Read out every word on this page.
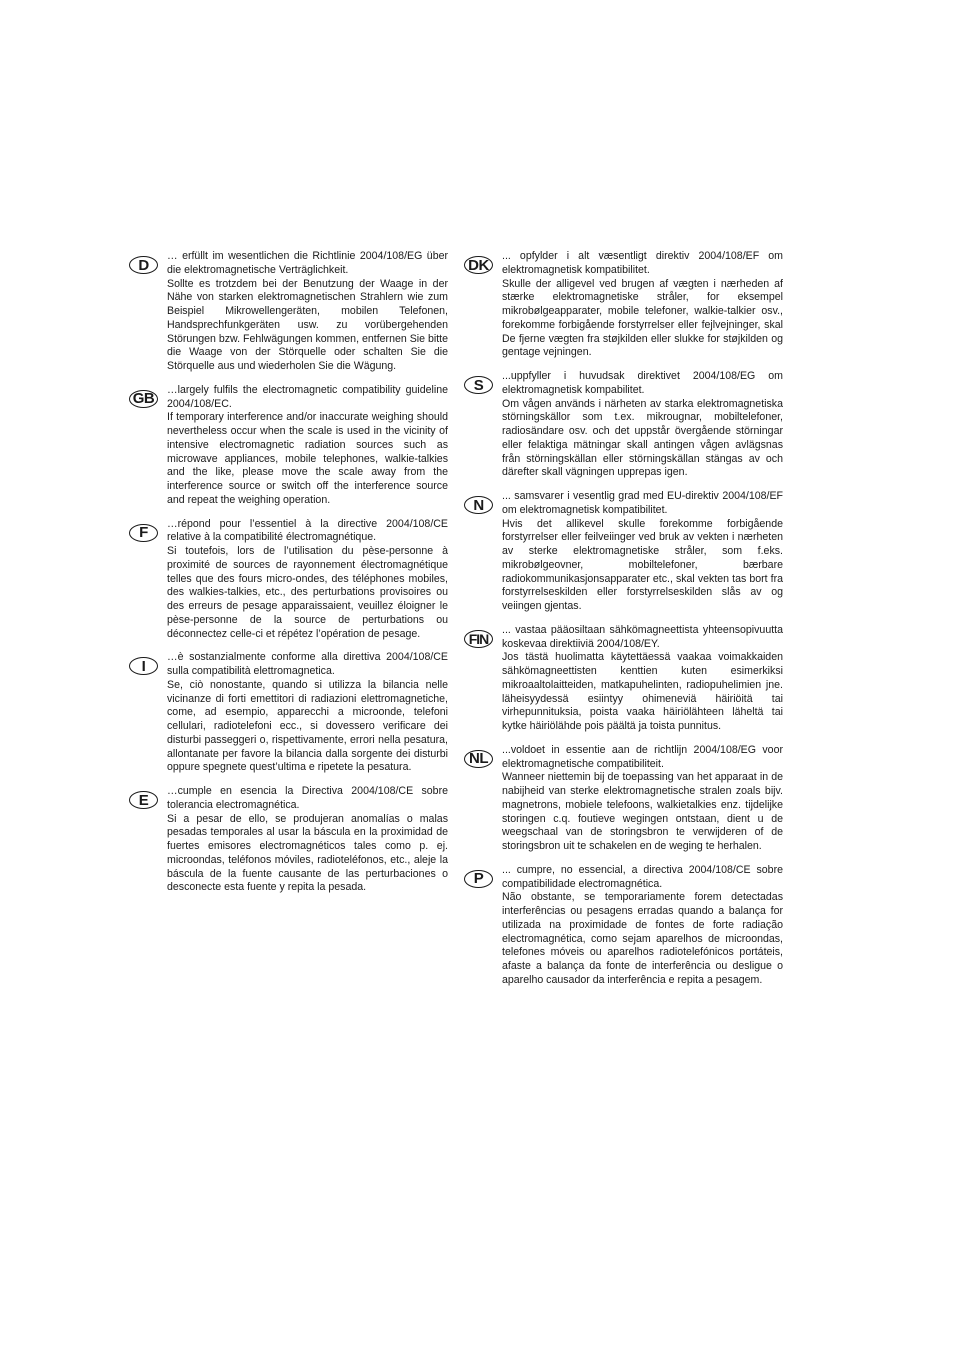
D

… erfüllt im wesentlichen die Richtlinie 2004/108/EG über die elektromagnetische Verträglichkeit.

Sollte es trotzdem bei der Benutzung der Waage in der Nähe von starken elektromagnetischen Strahlern wie zum Beispiel Mikrowellengeräten, mobilen Telefonen, Handsprechfunkgeräten usw. zu vorübergehenden Störungen bzw. Fehlwägungen kommen, entfernen Sie bitte die Waage von der Störquelle oder schalten Sie die Störquelle aus und wiederholen Sie die Wägung.

GB

…largely fulfils the electromagnetic compatibility guideline 2004/108/EC.

If temporary interference and/or inaccurate weighing should nevertheless occur when the scale is used in the vicinity of intensive electromagnetic radiation sources such as microwave appliances, mobile telephones, walkie-talkies and the like, please move the scale away from the interference source or switch off the interference source and repeat the weighing operation.

F

…répond pour l’essentiel à la directive 2004/108/CE relative à la compatibilité électromagnétique.

Si toutefois, lors de l’utilisation du pèse-personne à proximité de sources de rayonnement électromagnétique telles que des fours micro-ondes, des téléphones mobiles, des walkies-talkies, etc., des perturbations provisoires ou des erreurs de pesage apparaissaient, veuillez éloigner le pèse-personne de la source de perturbations ou déconnectez celle-ci et répétez l’opération de pesage.

I

…è sostanzialmente conforme alla direttiva 2004/108/CE sulla compatibilità elettromagnetica.

Se, ciò nonostante, quando si utilizza la bilancia nelle vicinanze di forti emettitori di radiazioni elettromagnetiche, come, ad esempio, apparecchi a microonde, telefoni cellulari, radiotelefoni ecc., si dovessero verificare dei disturbi passeggeri o, rispettivamente, errori nella pesatura, allontanate per favore la bilancia dalla sorgente dei disturbi oppure spegnete quest’ultima e ripetete la pesatura.

E

…cumple en esencia la Directiva 2004/108/CE sobre tolerancia electromagnética.

Si a pesar de ello, se produjeran anomalías o malas pesadas temporales al usar la báscula en la proximidad de fuertes emisores electromagnéticos tales como p. ej. microondas, teléfonos móviles, radioteléfonos, etc., aleje la báscula de la fuente causante de las perturbaciones o desconecte esta fuente y repita la pesada.

DK

... opfylder i alt væsentligt direktiv 2004/108/EF om elektromagnetisk kompatibilitet.

Skulle der alligevel ved brugen af vægten i nærheden af stærke elektromagnetiske stråler, for eksempel mikrobølgeapparater, mobile telefoner, walkie-talkier osv., forekomme forbigående forstyrrelser eller fejlvejninger, skal De fjerne vægten fra støjkilden eller slukke for støjkilden og gentage vejningen.

S

...uppfyller i huvudsak direktivet 2004/108/EG om elektromagnetisk kompabilitet.

Om vågen används i närheten av starka elektromagnetiska störningskällor som t.ex. mikrougnar, mobiltelefoner, radiosändare osv. och det uppstår övergående störningar eller felaktiga mätningar skall antingen vågen avlägsnas från störningskällan eller störningskällan stängas av och därefter skall vägningen upprepas igen.

N

... samsvarer i vesentlig grad med EU-direktiv 2004/108/EF om elektromagnetisk kompatibilitet.

Hvis det allikevel skulle forekomme forbigående forstyrrelser eller feilveiinger ved bruk av vekten i nærheten av sterke elektromagnetiske stråler, som f.eks. mikrobølgeovner, mobiltelefoner, bærbare radiokommunikasjonsapparater etc., skal vekten tas bort fra forstyrrelseskilden eller forstyrrelseskilden slås av og veiingen gjentas.

FIN

... vastaa pääosiltaan sähkömagneettista yhteensopivuutta koskevaa direktiiviä 2004/108/EY.

Jos tästä huolimatta käytettäessä vaakaa voimakkaiden sähkömagneettisten kenttien kuten esimerkiksi mikroaaltolaitteiden, matkapuhelinten, radiopuhelimien jne. läheisyydessä esiintyy ohimeneviä häiriöitä tai virhepunnituksia, poista vaaka häiriölähteen läheltä tai kytke häiriölähde pois päältä ja toista punnitus.

NL

...voldoet in essentie aan de richtlijn 2004/108/EG voor elektromagnetische compatibiliteit.

Wanneer niettemin bij de toepassing van het apparaat in de nabijheid van sterke elektromagnetische stralen zoals bijv. magnetrons, mobiele telefoons, walkietalkies enz. tijdelijke storingen c.q. foutieve wegingen ontstaan, dient u de weegschaal van de storingsbron te verwijderen of de storingsbron uit te schakelen en de weging te herhalen.

P

... cumpre, no essencial, a directiva 2004/108/CE sobre compatibilidade electromagnética.

Não obstante, se temporariamente forem detectadas interferências ou pesagens erradas quando a balança for utilizada na proximidade de fontes de forte radiação electromagnética, como sejam aparelhos de microondas, telefones móveis ou aparelhos radiotelefónicos portáteis, afaste a balança da fonte de interferência ou desligue o aparelho causador da interferência e repita a pesagem.
